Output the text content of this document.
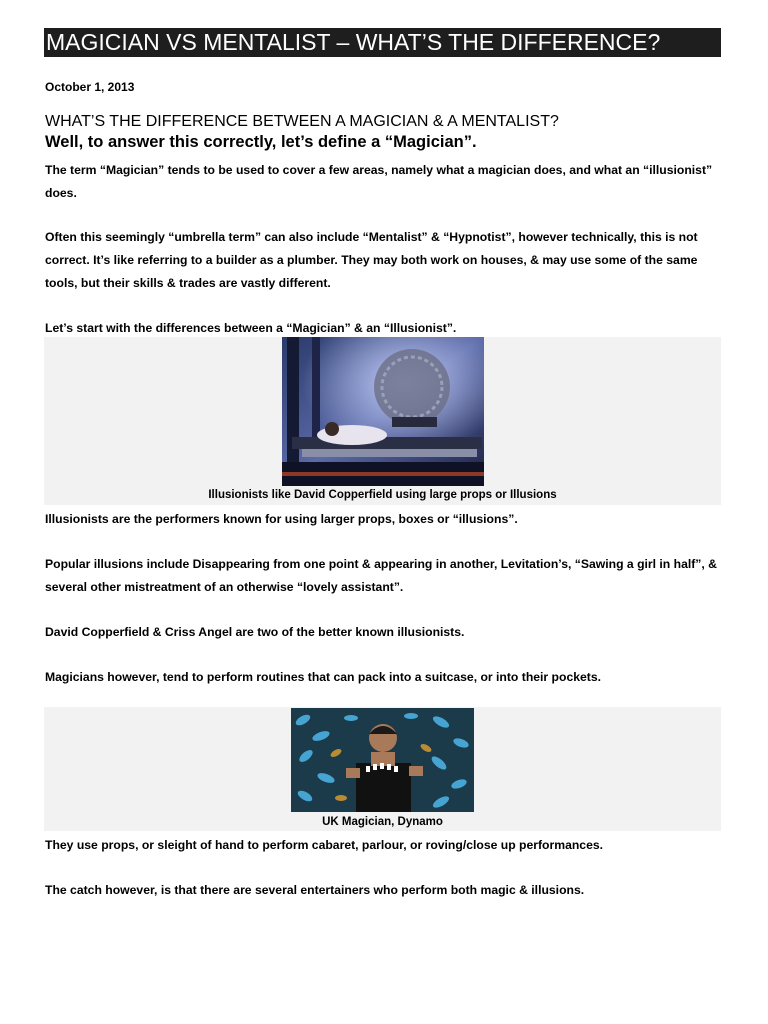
MAGICIAN VS MENTALIST – WHAT’S THE DIFFERENCE?
October 1, 2013
WHAT’S THE DIFFERENCE BETWEEN A MAGICIAN & A MENTALIST?
Well, to answer this correctly, let’s define a “Magician”.
The term “Magician” tends to be used to cover a few areas, namely what a magician does, and what an “illusionist” does.
Often this seemingly “umbrella term” can also include “Mentalist” & “Hypnotist”, however technically, this is not correct. It’s like referring to a builder as a plumber. They may both work on houses, & may use some of the same tools, but their skills & trades are vastly different.
Let’s start with the differences between a “Magician” & an “Illusionist”.
Illusionists like David Copperfield using large props or Illusions
Illusionists are the performers known for using larger props, boxes or “illusions”.
Popular illusions include Disappearing from one point & appearing in another, Levitation’s, “Sawing a girl in half”, & several other mistreatment of an otherwise “lovely assistant”.
David Copperfield & Criss Angel are two of the better known illusionists.
Magicians however, tend to perform routines that can pack into a suitcase, or into their pockets.
UK Magician, Dynamo
They use props, or sleight of hand to perform cabaret, parlour, or roving/close up performances.
The catch however, is that there are several entertainers who perform both magic & illusions.
